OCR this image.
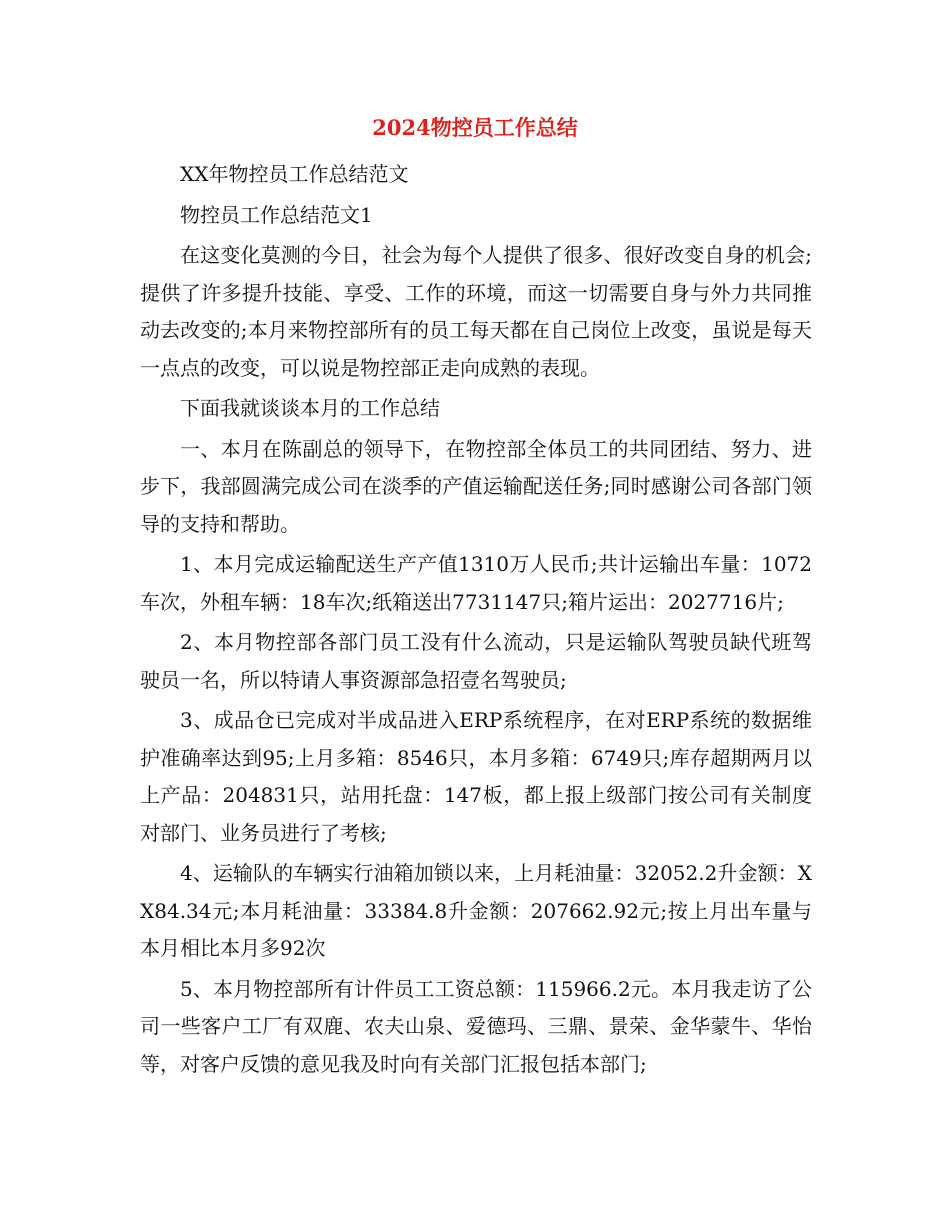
2024物控员工作总结

XX年物控员工作总结范文

物控员工作总结范文1

在这变化莫测的今日，社会为每个人提供了很多、很好改变自身的机会;提供了许多提升技能、享受、工作的环境，而这一切需要自身与外力共同推动去改变的;本月来物控部所有的员工每天都在自己岗位上改变，虽说是每天一点点的改变，可以说是物控部正走向成熟的表现。

下面我就谈谈本月的工作总结

一、本月在陈副总的领导下，在物控部全体员工的共同团结、努力、进步下，我部圆满完成公司在淡季的产值运输配送任务;同时感谢公司各部门领导的支持和帮助。

1、本月完成运输配送生产产值1310万人民币;共计运输出车量：1072车次，外租车辆：18车次;纸箱送出7731147只;箱片运出：2027716片;

2、本月物控部各部门员工没有什么流动，只是运输队驾驶员缺代班驾驶员一名，所以特请人事资源部急招壹名驾驶员;

3、成品仓已完成对半成品进入ERP系统程序，在对ERP系统的数据维护准确率达到95;上月多箱：8546只，本月多箱：6749只;库存超期两月以上产品：204831只，站用托盘：147板，都上报上级部门按公司有关制度对部门、业务员进行了考核;

4、运输队的车辆实行油箱加锁以来，上月耗油量：32052.2升金额：XX84.34元;本月耗油量：33384.8升金额：207662.92元;按上月出车量与本月相比本月多92次

5、本月物控部所有计件员工工资总额：115966.2元。本月我走访了公司一些客户工厂有双鹿、农夫山泉、爱德玛、三鼎、景荣、金华蒙牛、华怡等，对客户反馈的意见我及时向有关部门汇报包括本部门;
